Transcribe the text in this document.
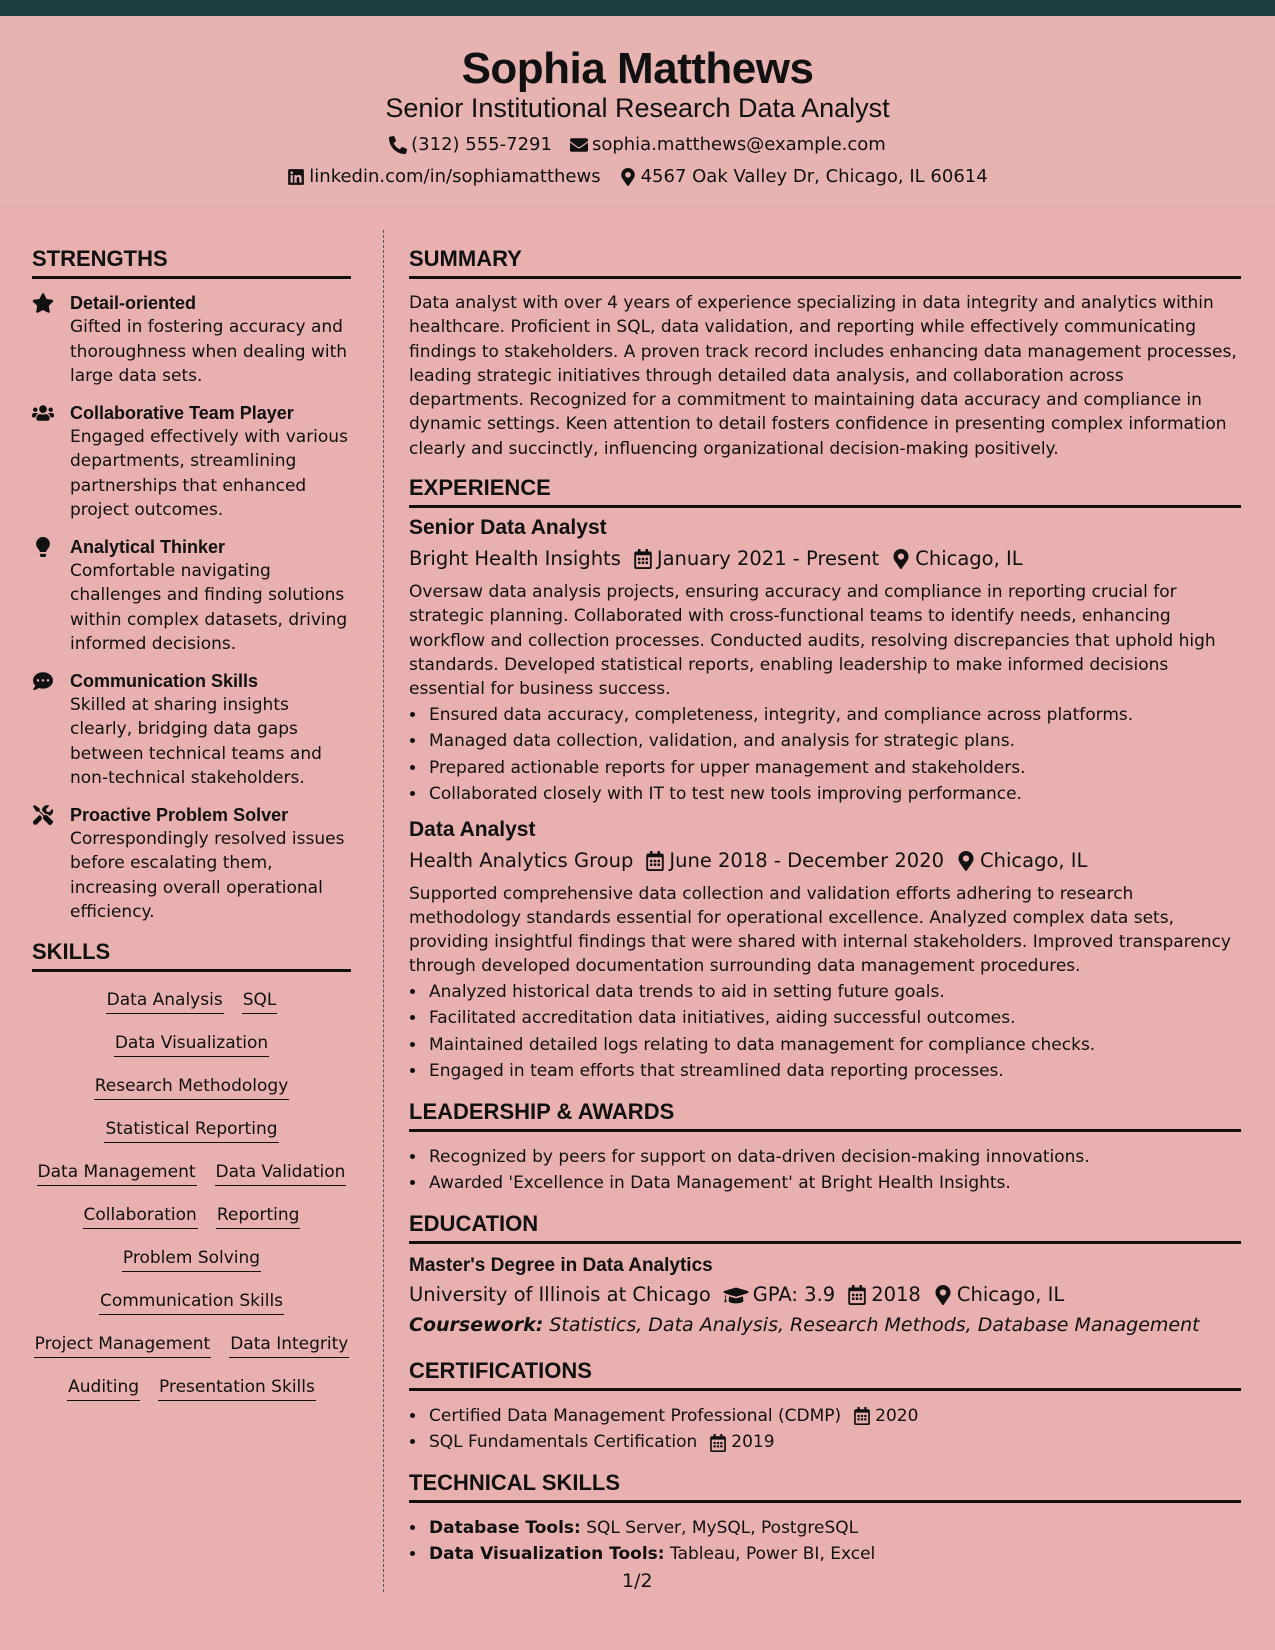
Sophia Matthews
Senior Institutional Research Data Analyst
(312) 555-7291 sophia.matthews@example.com
linkedin.com/in/sophiamatthews 4567 Oak Valley Dr, Chicago, IL 60614
STRENGTHS
Detail-oriented
Gifted in fostering accuracy and thoroughness when dealing with large data sets.
Collaborative Team Player
Engaged effectively with various departments, streamlining partnerships that enhanced project outcomes.
Analytical Thinker
Comfortable navigating challenges and finding solutions within complex datasets, driving informed decisions.
Communication Skills
Skilled at sharing insights clearly, bridging data gaps between technical teams and non-technical stakeholders.
Proactive Problem Solver
Correspondingly resolved issues before escalating them, increasing overall operational efficiency.
SKILLS
Data Analysis SQL
Data Visualization
Research Methodology
Statistical Reporting
Data Management Data Validation
Collaboration Reporting
Problem Solving
Communication Skills
Project Management Data Integrity
Auditing Presentation Skills
SUMMARY
Data analyst with over 4 years of experience specializing in data integrity and analytics within healthcare. Proficient in SQL, data validation, and reporting while effectively communicating findings to stakeholders. A proven track record includes enhancing data management processes, leading strategic initiatives through detailed data analysis, and collaboration across departments. Recognized for a commitment to maintaining data accuracy and compliance in dynamic settings. Keen attention to detail fosters confidence in presenting complex information clearly and succinctly, influencing organizational decision-making positively.
EXPERIENCE
Senior Data Analyst
Bright Health Insights January 2021 - Present Chicago, IL
Oversaw data analysis projects, ensuring accuracy and compliance in reporting crucial for strategic planning. Collaborated with cross-functional teams to identify needs, enhancing workflow and collection processes. Conducted audits, resolving discrepancies that uphold high standards. Developed statistical reports, enabling leadership to make informed decisions essential for business success.
• Ensured data accuracy, completeness, integrity, and compliance across platforms.
• Managed data collection, validation, and analysis for strategic plans.
• Prepared actionable reports for upper management and stakeholders.
• Collaborated closely with IT to test new tools improving performance.
Data Analyst
Health Analytics Group June 2018 - December 2020 Chicago, IL
Supported comprehensive data collection and validation efforts adhering to research methodology standards essential for operational excellence. Analyzed complex data sets, providing insightful findings that were shared with internal stakeholders. Improved transparency through developed documentation surrounding data management procedures.
• Analyzed historical data trends to aid in setting future goals.
• Facilitated accreditation data initiatives, aiding successful outcomes.
• Maintained detailed logs relating to data management for compliance checks.
• Engaged in team efforts that streamlined data reporting processes.
LEADERSHIP & AWARDS
• Recognized by peers for support on data-driven decision-making innovations.
• Awarded 'Excellence in Data Management' at Bright Health Insights.
EDUCATION
Master's Degree in Data Analytics
University of Illinois at Chicago GPA: 3.9 2018 Chicago, IL
Coursework: Statistics, Data Analysis, Research Methods, Database Management
CERTIFICATIONS
• Certified Data Management Professional (CDMP) 2020
• SQL Fundamentals Certification 2019
TECHNICAL SKILLS
• Database Tools: SQL Server, MySQL, PostgreSQL
• Data Visualization Tools: Tableau, Power BI, Excel
1/2
